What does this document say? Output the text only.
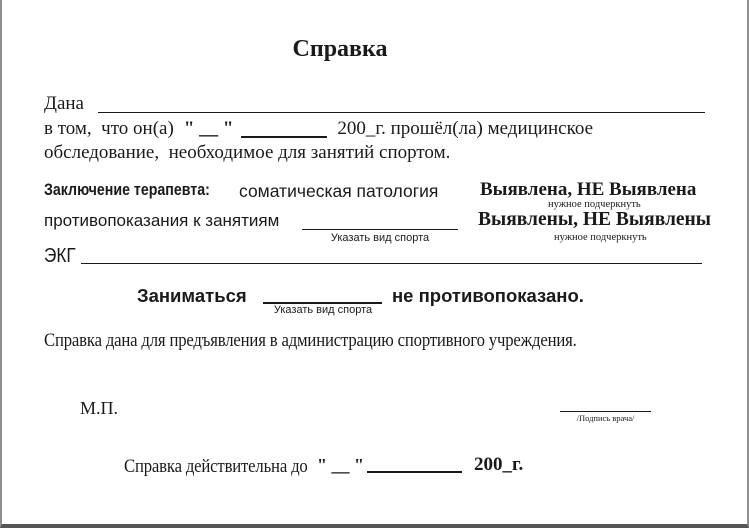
Справка
Дана
в том,  что он(а) " __ "	200_г. прошёл(ла) медицинское
обследование,  необходимое для занятий спортом.
Заключение терапевта:	соматическая патология Выявлена, НЕ Выявлена
нужное подчеркнуть
противопоказания к занятиям
Указать вид спорта
Выявлены, НЕ Выявлены
нужное подчеркнуть
ЭКГ
Заниматься
Указать вид спорта
не противопоказано.
Справка дана для предъявления в администрацию спортивного учреждения.
М.П.	/Подпись врача/
Справка действительна до " __ "	200_г.
